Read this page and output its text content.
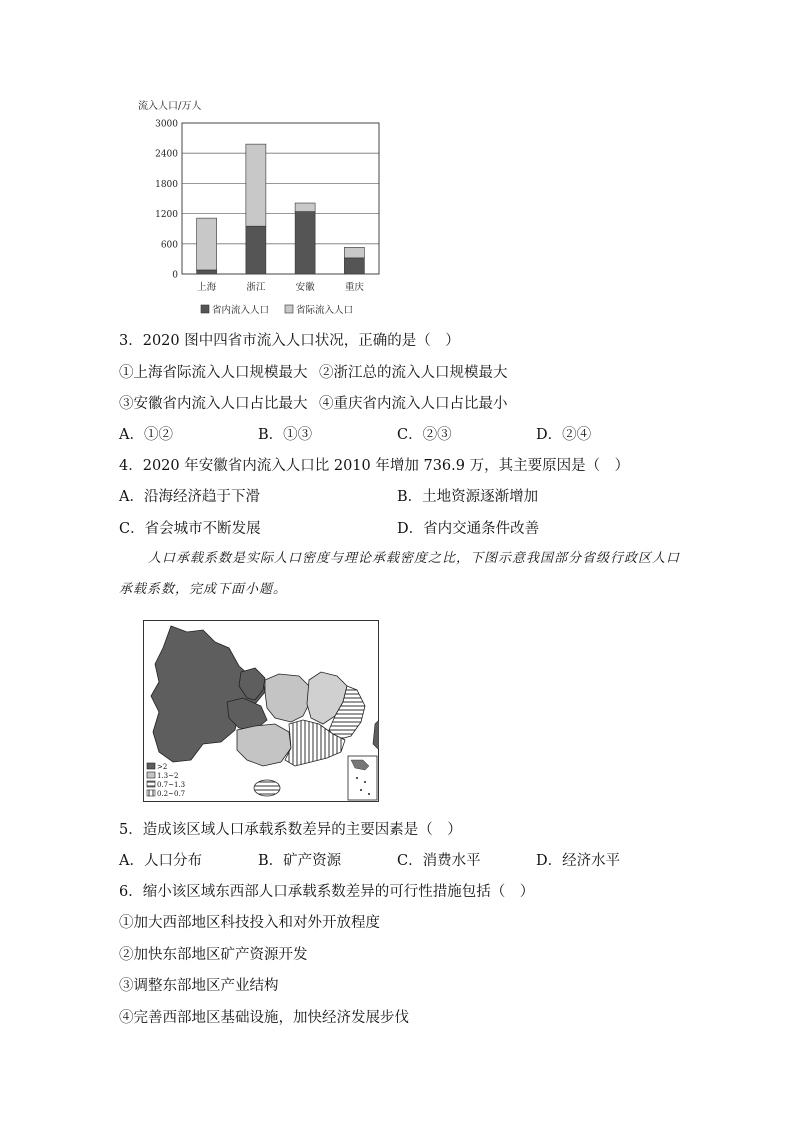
流入人口/万人
0
600
1200
1800
2400
3000
上海	浙江	安徽	重庆
省内流入人口	省际流入人口
3．2020 图中四省市流入人口状况，正确的是（　）
①上海省际流入人口规模最大 ②浙江总的流入人口规模最大
③安徽省内流入人口占比最大 ④重庆省内流入人口占比最小
A．①②	B．①③	C．②③	D．②④
4．2020 年安徽省内流入人口比 2010 年增加 736.9 万，其主要原因是（　）
A．沿海经济趋于下滑	B．土地资源逐渐增加
C．省会城市不断发展	D．省内交通条件改善
人口承载系数是实际人口密度与理论承载密度之比，下图示意我国部分省级行政区人口
承载系数，完成下面小题。
>2
1.3~2
0.7~1.3
0.2~0.7
5．造成该区域人口承载系数差异的主要因素是（　）
A．人口分布	B．矿产资源	C．消费水平	D．经济水平
6．缩小该区域东西部人口承载系数差异的可行性措施包括（　）
①加大西部地区科技投入和对外开放程度
②加快东部地区矿产资源开发
③调整东部地区产业结构
④完善西部地区基础设施，加快经济发展步伐
